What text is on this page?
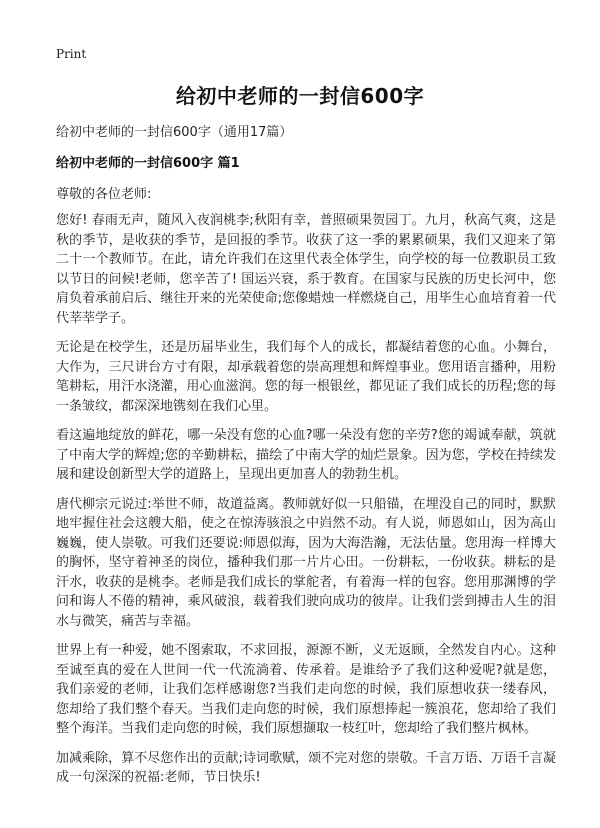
Print
给初中老师的一封信600字
给初中老师的一封信600字（通用17篇）
给初中老师的一封信600字 篇1
尊敬的各位老师:

您好! 春雨无声，随风入夜润桃李;秋阳有幸，普照硕果贺园丁。九月，秋高气爽，这是秋的季节，是收获的季节，是回报的季节。收获了这一季的累累硕果，我们又迎来了第二十一个教师节。在此，请允许我们在这里代表全体学生，向学校的每一位教职员工致以节日的问候!老师，您辛苦了! 国运兴衰，系于教育。在国家与民族的历史长河中，您肩负着承前启后、继往开来的光荣使命;您像蜡烛一样燃烧自己，用毕生心血培育着一代代莘莘学子。

无论是在校学生，还是历届毕业生，我们每个人的成长，都凝结着您的心血。小舞台，大作为，三尺讲台方寸有限，却承载着您的崇高理想和辉煌事业。您用语言播种，用粉笔耕耘，用汗水浇灌，用心血滋润。您的每一根银丝，都见证了我们成长的历程;您的每一条皱纹，都深深地镌刻在我们心里。

看这遍地绽放的鲜花，哪一朵没有您的心血?哪一朵没有您的辛劳?您的竭诚奉献，筑就了中南大学的辉煌;您的辛勤耕耘，描绘了中南大学的灿烂景象。因为您，学校在持续发展和建设创新型大学的道路上，呈现出更加喜人的勃勃生机。

唐代柳宗元说过:举世不师，故道益离。教师就好似一只船锚，在埋没自己的同时，默默地牢握住社会这艘大船，使之在惊涛骇浪之中岿然不动。有人说，师恩如山，因为高山巍巍，使人崇敬。可我们还要说:师恩似海，因为大海浩瀚，无法估量。您用海一样博大的胸怀，坚守着神圣的岗位，播种我们那一片片心田。一份耕耘，一份收获。耕耘的是汗水，收获的是桃李。老师是我们成长的掌舵者，有着海一样的包容。您用那渊博的学问和诲人不倦的精神，乘风破浪，载着我们驶向成功的彼岸。让我们尝到搏击人生的泪水与微笑，痛苦与幸福。

世界上有一种爱，她不图索取，不求回报，源源不断，义无返顾，全然发自内心。这种至诚至真的爱在人世间一代一代流淌着、传承着。是谁给予了我们这种爱呢?就是您，我们亲爱的老师，让我们怎样感谢您?当我们走向您的时候，我们原想收获一缕春风，您却给了我们整个春天。当我们走向您的时候，我们原想捧起一簇浪花，您却给了我们整个海洋。当我们走向您的时候，我们原想撷取一枝红叶，您却给了我们整片枫林。

加减乘除，算不尽您作出的贡献;诗词歌赋，颂不完对您的崇敬。千言万语、万语千言凝成一句深深的祝福:老师，节日快乐!
